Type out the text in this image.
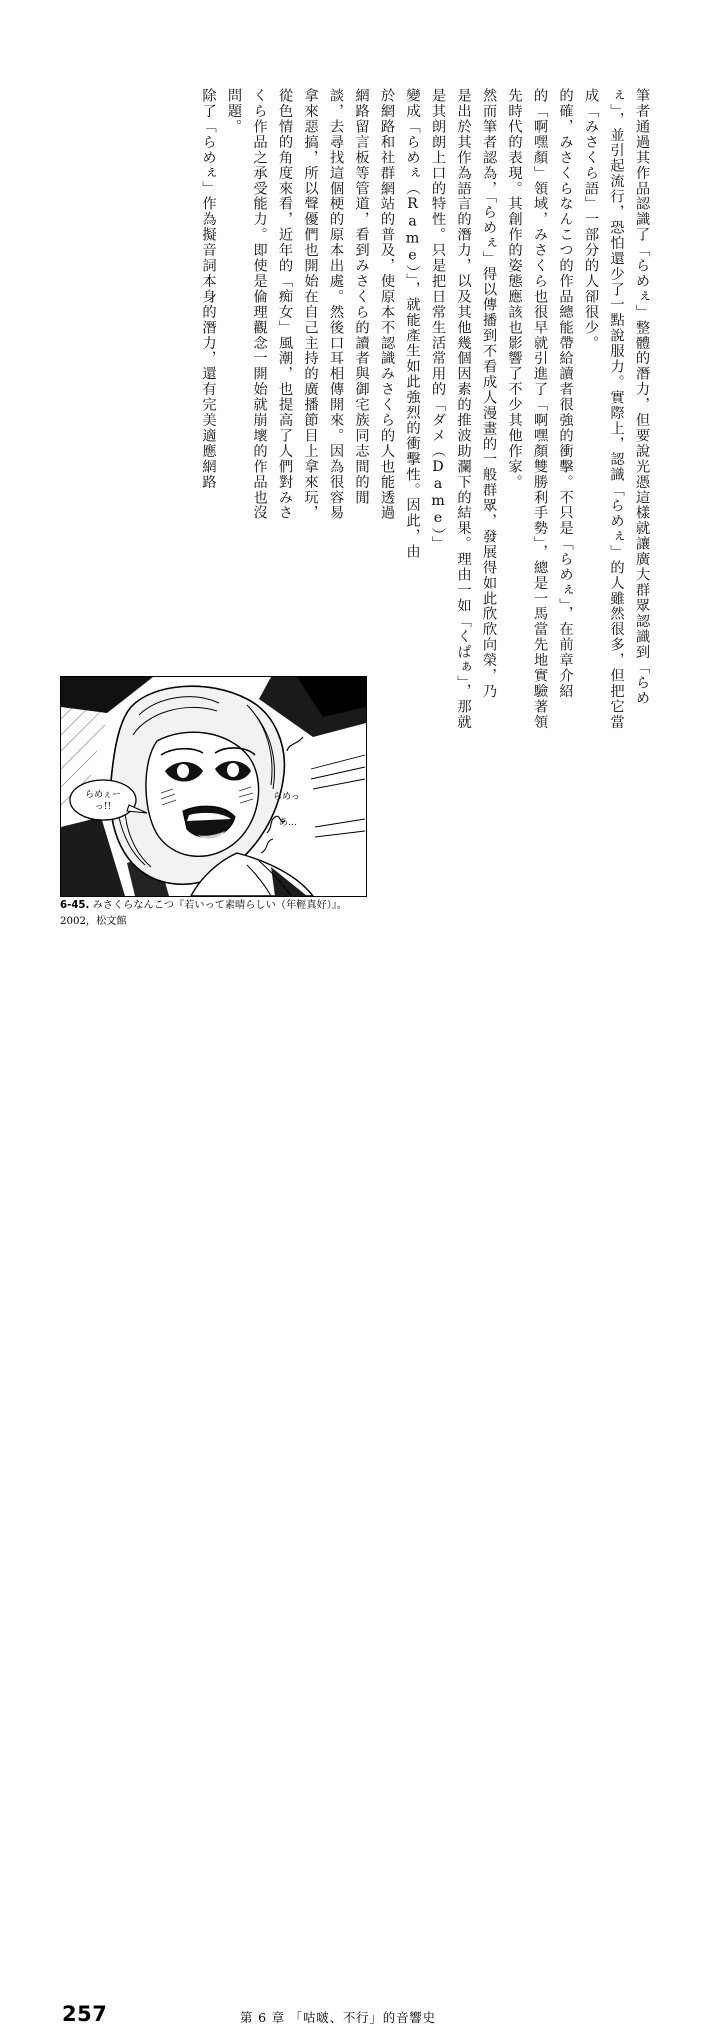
除了「らめぇ」作為擬音詞本身的潛力，還有完美適應網路 問題。 くら作品之承受能力。即使是倫理觀念一開始就崩壞的作品也沒 從色情的角度來看，近年的「痴女」風潮，也提高了人們對みさ 拿來惡搞，所以聲優們也開始在自己主持的廣播節目上拿來玩， 談，去尋找這個梗的原本出處。然後口耳相傳開來。因為很容易 網路留言板等管道，看到みさくら的讀者與御宅族同志間的閒 於網路和社群網站的普及，使原本不認識みさくら的人也能透過 變成「らめぇ（Rame）」，就能產生如此強烈的衝擊性。因此，由 是其朗朗上口的特性。只是把日常生活常用的「ダメ（Dame）」 是出於其作為語言的潛力，以及其他幾個因素的推波助瀾下的結果。理由一如「くぱぁ」，那就 然而筆者認為，「らめぇ」得以傳播到不看成人漫畫的一般群眾，發展得如此欣欣向榮，乃 先時代的表現。其創作的姿態應該也影響了不少其他作家。 的「啊嘿顏」領域，みさくら也很早就引進了「啊嘿顏雙勝利手勢」，總是一馬當先地實驗著領 的確，みさくらなんこつ的作品總能帶給讀者很強的衝擊。不只是「らめぇ」，在前章介紹 成「みさくら語」一部分的人卻很少。 ぇ」，並引起流行，恐怕還少了一點說服力。實際上，認識「らめぇ」的人雖然很多，但把它當 筆者通過其作品認識了「らめぇ」整體的潛力，但要說光憑這樣就讓廣大群眾認識到「らめ
らめぇー
っ!!
あっ
らめっ
あ…
6-45. みさくらなんこつ『若いって素晴らしい（年輕真好）』。
2002，松文館
257	第 6 章 「咕啵、不行」的音響史
